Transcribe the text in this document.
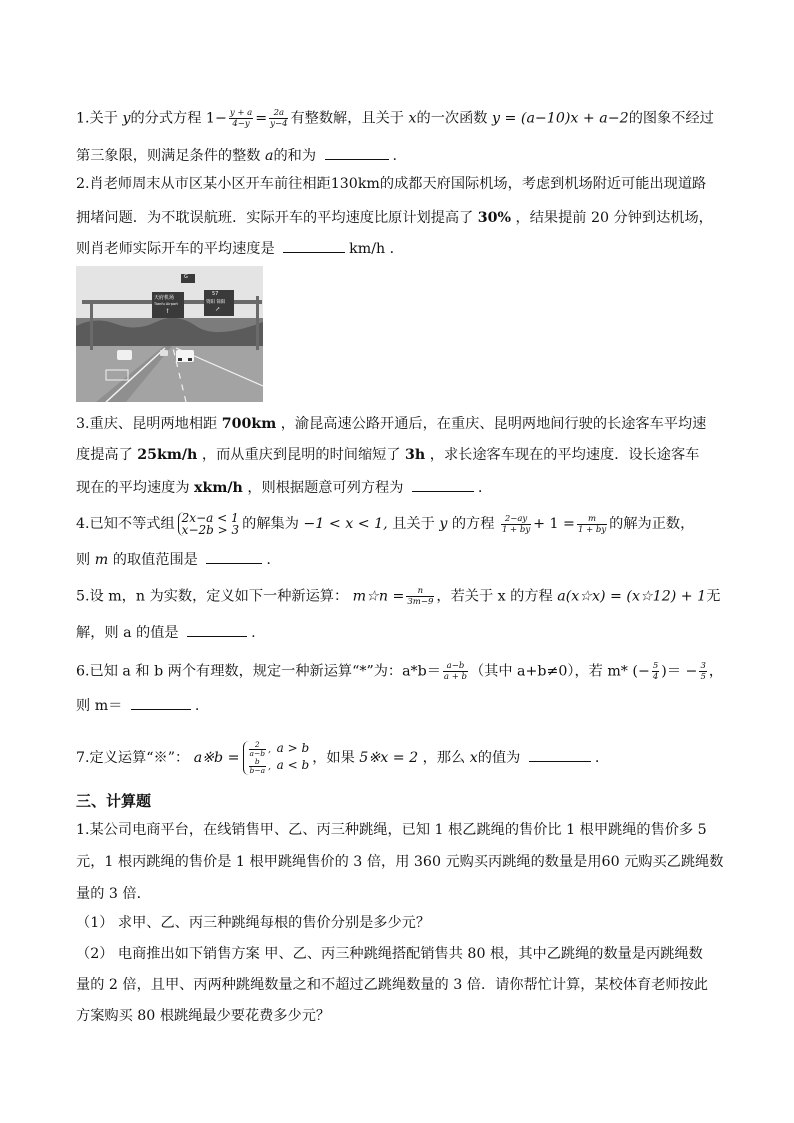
1.关于 y的分式方程 $1- \frac{y + a}{4-y} = \frac{2a}{y-4}$ 有整数解，且关于 x的一次函数 y = (a−10)x + a−2的图象不经过
第三象限，则满足条件的整数 a的和为	.
2.肖老师周末从市区某小区开车前往相距130km的成都天府国际机场，考虑到机场附近可能出现道路
拥堵问题．为不耽误航班．实际开车的平均速度比原计划提高了 30% ，结果提前 20 分钟到达机场，
则肖老师实际开车的平均速度是	km/h ．
天府机场
Tianfu Airport
↑
57
资阳 简阳
↗
G
3.重庆、昆明两地相距 700km ，渝昆高速公路开通后，在重庆、昆明两地间行驶的长途客车平均速
度提高了 25km/h ，而从重庆到昆明的时间缩短了 3h ，求长途客车现在的平均速度．设长途客车
现在的平均速度为 xkm/h ，则根据题意可列方程为	．
4.已知不等式组 2x−a < 1
x−2b > 3 的解集为 −1 < x < 1, 且关于 y 的方程 $\frac{2-ay}{1 + by} + 1 = \frac{m}{1 + by}$ 的解为正数，
则 m 的取值范围是	.
5.设 m，n 为实数，定义如下一种新运算： m☆n = $\frac{n}{3m-9}$ ，若关于 x 的方程 a(x☆x) = (x☆12) + 1无
解，则 a 的值是	.
6.已知 a 和 b 两个有理数，规定一种新运算“*”为：$a*b= \frac{a-b}{a + b}$ （其中 a+b≠0），若 m* (− $\frac{5}{4}$ )＝ − $\frac{3}{5}$ ，
则 m＝	.
7.定义运算“※”： a※b = $\frac{2}{a-b}$ ,  a > b
$\frac{b}{b-a}$ ,  a < b ，如果 5※x = 2 ，那么 x的值为	.
三、计算题
1.某公司电商平台，在线销售甲、乙、丙三种跳绳，已知 1 根乙跳绳的售价比 1 根甲跳绳的售价多 5
元，1 根丙跳绳的售价是 1 根甲跳绳售价的 3 倍，用 360 元购买丙跳绳的数量是用60 元购买乙跳绳数
量的 3 倍．
（1） 求甲、乙、丙三种跳绳每根的售价分别是多少元？
（2） 电商推出如下销售方案 甲、乙、丙三种跳绳搭配销售共 80 根，其中乙跳绳的数量是丙跳绳数
量的 2 倍，且甲、丙两种跳绳数量之和不超过乙跳绳数量的 3 倍．请你帮忙计算，某校体育老师按此
方案购买 80 根跳绳最少要花费多少元？
